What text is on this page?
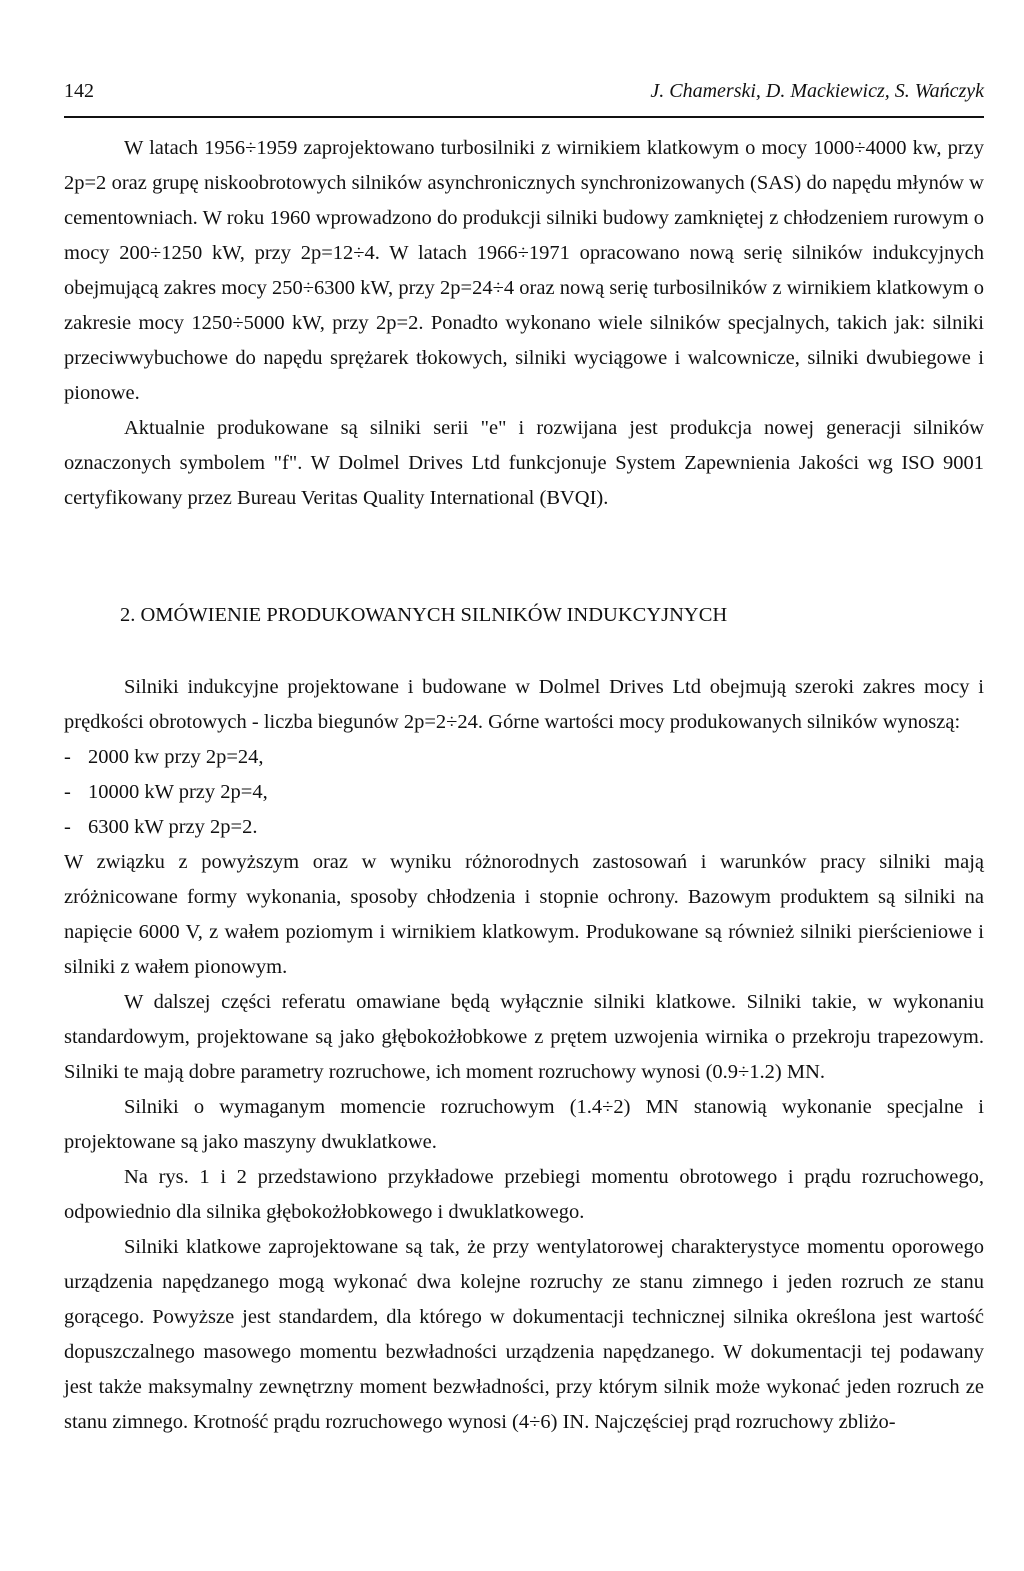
142	J. Chamerski, D. Mackiewicz, S. Wańczyk

W latach 1956÷1959 zaprojektowano turbosilniki z wirnikiem klatkowym o mocy 1000÷4000 kw, przy 2p=2 oraz grupę niskoobrotowych silników asynchronicznych synchronizowanych (SAS) do napędu młynów w cementowniach. W roku 1960 wprowadzono do produkcji silniki budowy zamkniętej z chłodzeniem rurowym o mocy 200÷1250 kW, przy 2p=12÷4. W latach 1966÷1971 opracowano nową serię silników indukcyjnych obejmującą zakres mocy 250÷6300 kW, przy 2p=24÷4 oraz nową serię turbosilników z wirnikiem klatkowym o zakresie mocy 1250÷5000 kW, przy 2p=2. Ponadto wykonano wiele silników specjalnych, takich jak: silniki przeciwwybuchowe do napędu sprężarek tłokowych, silniki wyciągowe i walcownicze, silniki dwubiegowe i pionowe.

Aktualnie produkowane są silniki serii "e" i rozwijana jest produkcja nowej generacji silników oznaczonych symbolem "f". W Dolmel Drives Ltd funkcjonuje System Zapewnienia Jakości wg ISO 9001 certyfikowany przez Bureau Veritas Quality International (BVQI).

2. OMÓWIENIE PRODUKOWANYCH SILNIKÓW INDUKCYJNYCH

Silniki indukcyjne projektowane i budowane w Dolmel Drives Ltd obejmują szeroki zakres mocy i prędkości obrotowych - liczba biegunów 2p=2÷24. Górne wartości mocy produkowanych silników wynoszą:

- 2000 kw przy 2p=24,
- 10000 kW przy 2p=4,
- 6300 kW przy 2p=2.

W związku z powyższym oraz w wyniku różnorodnych zastosowań i warunków pracy silniki mają zróżnicowane formy wykonania, sposoby chłodzenia i stopnie ochrony. Bazowym produktem są silniki na napięcie 6000 V, z wałem poziomym i wirnikiem klatkowym. Produkowane są również silniki pierścieniowe i silniki z wałem pionowym.

W dalszej części referatu omawiane będą wyłącznie silniki klatkowe. Silniki takie, w wykonaniu standardowym, projektowane są jako głębokożłobkowe z prętem uzwojenia wirnika o przekroju trapezowym. Silniki te mają dobre parametry rozruchowe, ich moment rozruchowy wynosi (0.9÷1.2) MN.

Silniki o wymaganym momencie rozruchowym (1.4÷2) MN stanowią wykonanie specjalne i projektowane są jako maszyny dwuklatkowe.

Na rys. 1 i 2 przedstawiono przykładowe przebiegi momentu obrotowego i prądu rozruchowego, odpowiednio dla silnika głębokożłobkowego i dwuklatkowego.

Silniki klatkowe zaprojektowane są tak, że przy wentylatorowej charakterystyce momentu oporowego urządzenia napędzanego mogą wykonać dwa kolejne rozruchy ze stanu zimnego i jeden rozruch ze stanu gorącego. Powyższe jest standardem, dla którego w dokumentacji technicznej silnika określona jest wartość dopuszczalnego masowego momentu bezwładności urządzenia napędzanego. W dokumentacji tej podawany jest także maksymalny zewnętrzny moment bezwładności, przy którym silnik może wykonać jeden rozruch ze stanu zimnego. Krotność prądu rozruchowego wynosi (4÷6) IN. Najczęściej prąd rozruchowy zbliżo-
